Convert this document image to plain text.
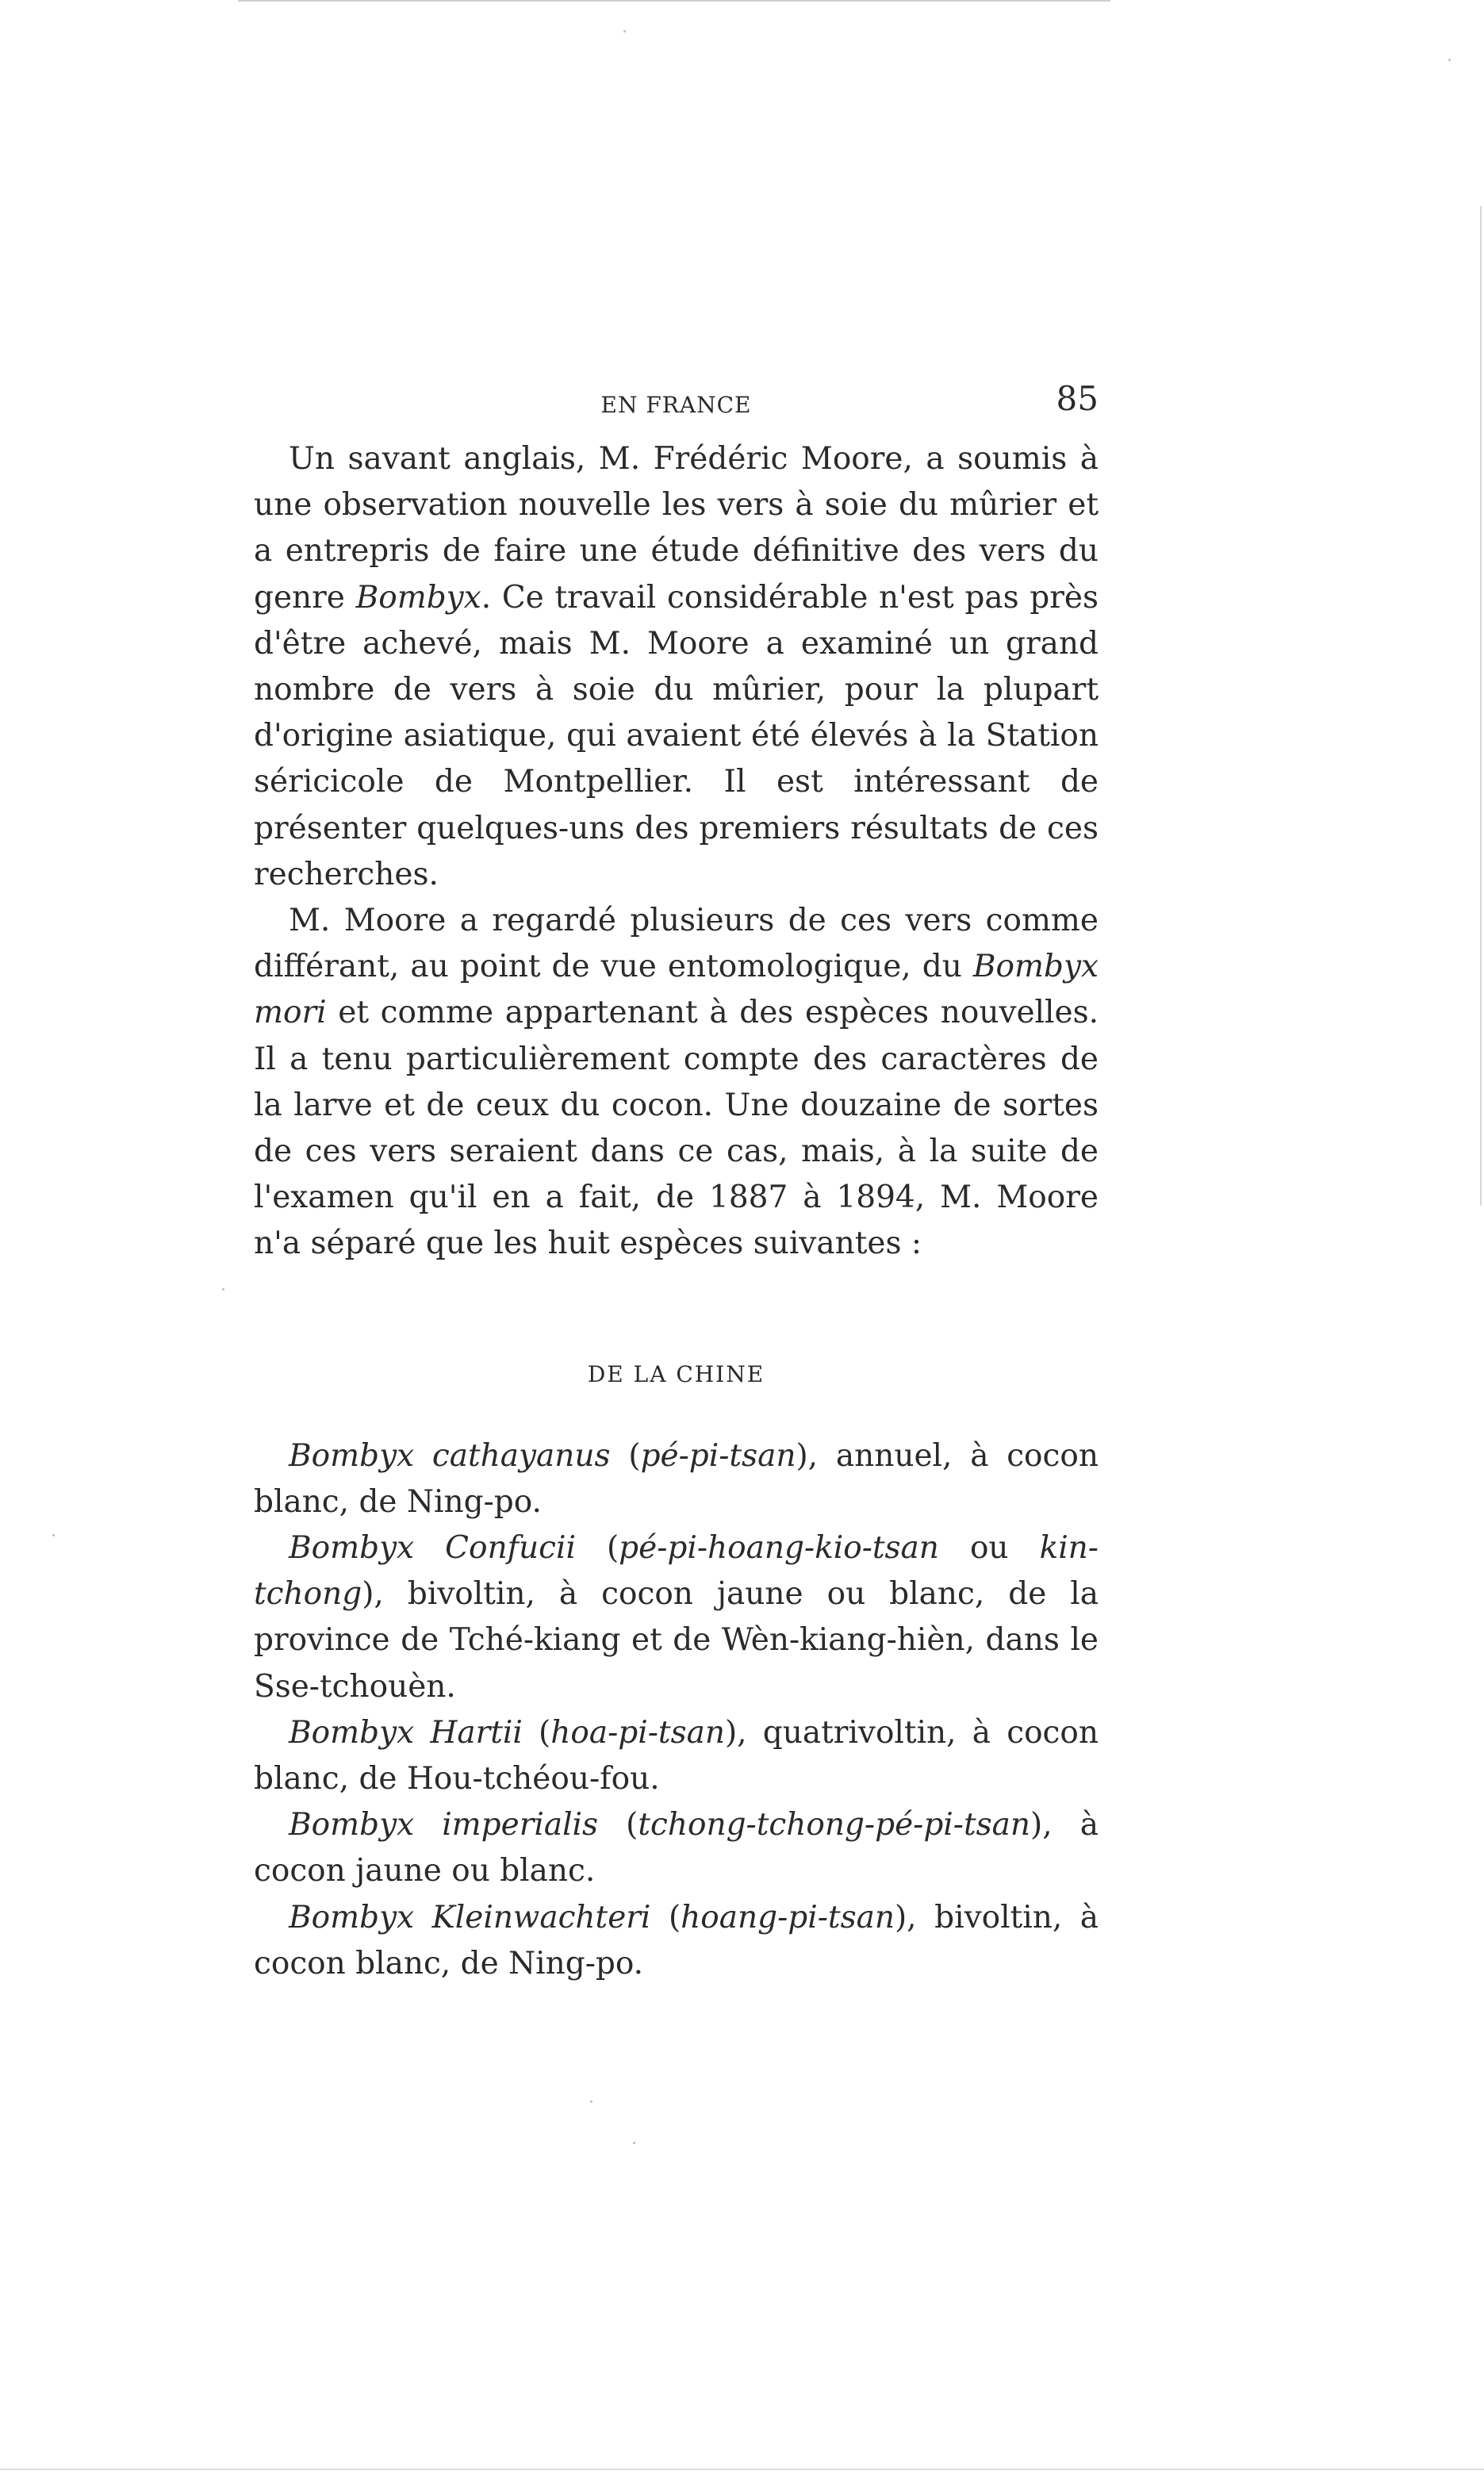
EN FRANCE	85

Un savant anglais, M. Frédéric Moore, a soumis à une observation nouvelle les vers à soie du mûrier et a entrepris de faire une étude définitive des vers du genre Bombyx. Ce travail considérable n'est pas près d'être achevé, mais M. Moore a examiné un grand nombre de vers à soie du mûrier, pour la plupart d'origine asiatique, qui avaient été élevés à la Station séricicole de Montpellier. Il est intéressant de présenter quelques-uns des premiers résultats de ces recherches.

M. Moore a regardé plusieurs de ces vers comme différant, au point de vue entomologique, du Bombyx mori et comme appartenant à des espèces nouvelles. Il a tenu particulièrement compte des caractères de la larve et de ceux du cocon. Une douzaine de sortes de ces vers seraient dans ce cas, mais, à la suite de l'examen qu'il en a fait, de 1887 à 1894, M. Moore n'a séparé que les huit espèces suivantes :

DE LA CHINE

Bombyx cathayanus (pé-pi-tsan), annuel, à cocon blanc, de Ning-po.

Bombyx Confucii (pé-pi-hoang-kio-tsan ou kin-tchong), bivoltin, à cocon jaune ou blanc, de la province de Tché-kiang et de Wèn-kiang-hièn, dans le Sse-tchouèn.

Bombyx Hartii (hoa-pi-tsan), quatrivoltin, à cocon blanc, de Hou-tchéou-fou.

Bombyx imperialis (tchong-tchong-pé-pi-tsan), à cocon jaune ou blanc.

Bombyx Kleinwachteri (hoang-pi-tsan), bivoltin, à cocon blanc, de Ning-po.
